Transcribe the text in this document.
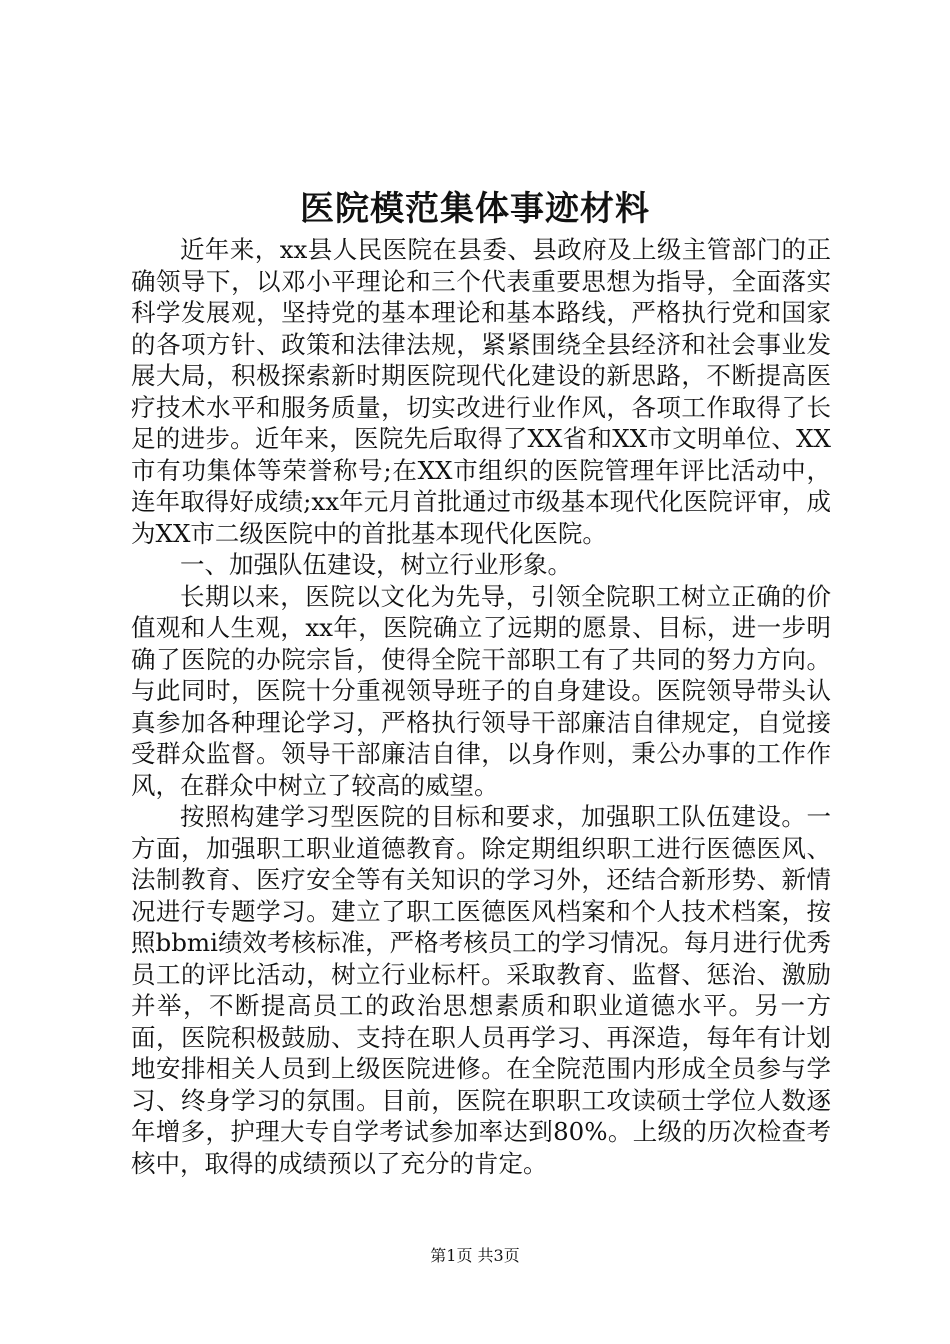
医院模范集体事迹材料

近年来，xx县人民医院在县委、县政府及上级主管部门的正确领导下，以邓小平理论和三个代表重要思想为指导，全面落实科学发展观，坚持党的基本理论和基本路线，严格执行党和国家的各项方针、政策和法律法规，紧紧围绕全县经济和社会事业发展大局，积极探索新时期医院现代化建设的新思路，不断提高医疗技术水平和服务质量，切实改进行业作风，各项工作取得了长足的进步。近年来，医院先后取得了XX省和XX市文明单位、XX市有功集体等荣誉称号;在XX市组织的医院管理年评比活动中，连年取得好成绩;xx年元月首批通过市级基本现代化医院评审，成为XX市二级医院中的首批基本现代化医院。

一、加强队伍建设，树立行业形象。

长期以来，医院以文化为先导，引领全院职工树立正确的价值观和人生观，xx年，医院确立了远期的愿景、目标，进一步明确了医院的办院宗旨，使得全院干部职工有了共同的努力方向。与此同时，医院十分重视领导班子的自身建设。医院领导带头认真参加各种理论学习，严格执行领导干部廉洁自律规定，自觉接受群众监督。领导干部廉洁自律，以身作则，秉公办事的工作作风，在群众中树立了较高的威望。

按照构建学习型医院的目标和要求，加强职工队伍建设。一方面，加强职工职业道德教育。除定期组织职工进行医德医风、法制教育、医疗安全等有关知识的学习外，还结合新形势、新情况进行专题学习。建立了职工医德医风档案和个人技术档案，按照bbmi绩效考核标准，严格考核员工的学习情况。每月进行优秀员工的评比活动，树立行业标杆。采取教育、监督、惩治、激励并举，不断提高员工的政治思想素质和职业道德水平。另一方面，医院积极鼓励、支持在职人员再学习、再深造，每年有计划地安排相关人员到上级医院进修。在全院范围内形成全员参与学习、终身学习的氛围。目前，医院在职职工攻读硕士学位人数逐年增多，护理大专自学考试参加率达到80%。上级的历次检查考核中，取得的成绩预以了充分的肯定。

第1页 共3页
